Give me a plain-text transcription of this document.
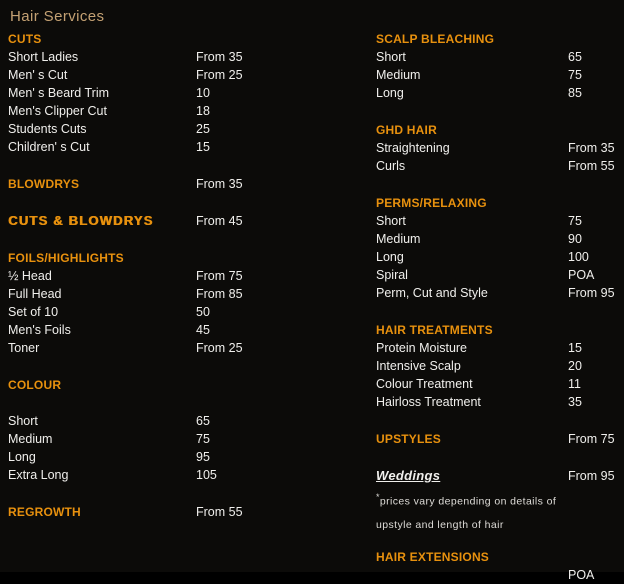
Hair Services
CUTS
Short Ladies	From 35
Men' s Cut	From 25
Men' s Beard Trim	10
Men's Clipper Cut	18
Students Cuts	25
Children' s Cut	15
BLOWDRYS	From 35
CUTS & BLOWDRYS	From 45
FOILS/HIGHLIGHTS
½ Head	From 75
Full Head	From 85
Set of 10	50
Men's Foils	45
Toner	From 25
COLOUR
Short	65
Medium	75
Long	95
Extra Long	105
REGROWTH	From 55
SCALP BLEACHING
Short	65
Medium	75
Long	85
GHD HAIR
Straightening	From 35
Curls	From 55
PERMS/RELAXING
Short	75
Medium	90
Long	100
Spiral	POA
Perm, Cut and Style	From 95
HAIR TREATMENTS
Protein Moisture	15
Intensive Scalp	20
Colour Treatment	11
Hairloss Treatment	35
UPSTYLES	From 75
Weddings	From 95
*prices vary depending on details of
upstyle and length of hair
HAIR EXTENSIONS
POA
